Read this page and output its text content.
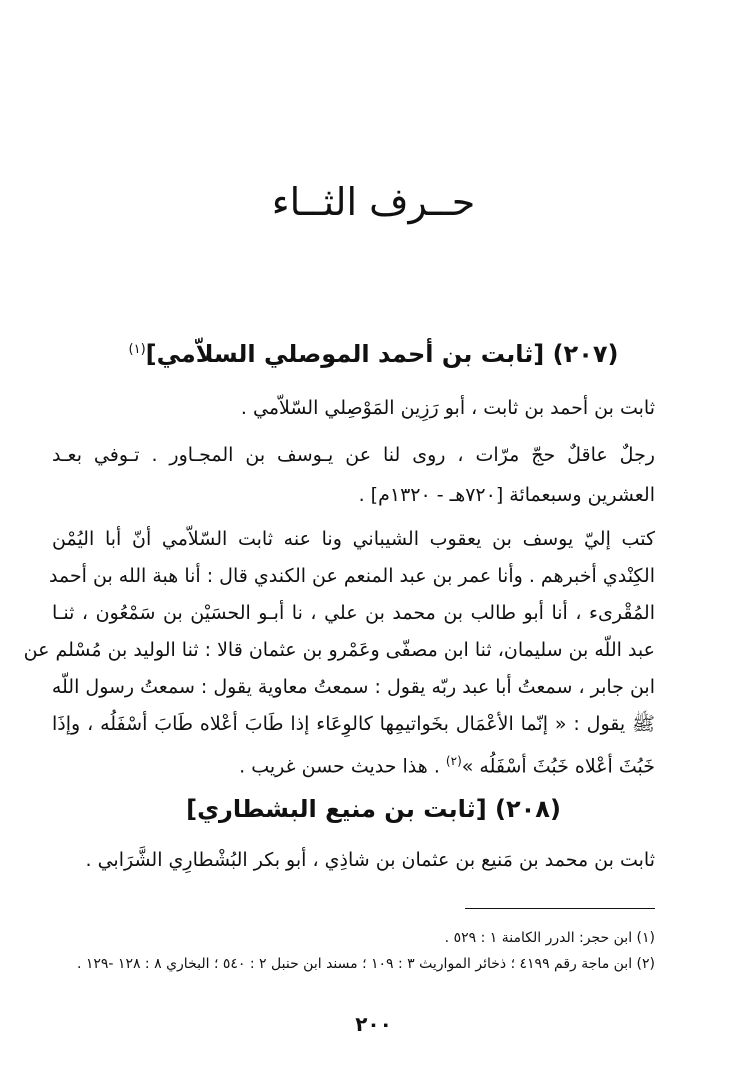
حــرف الثــاء
(٢٠٧) [ثابت بن أحمد الموصلي السلاّمي]$^{(١)}$
ثابت بن أحمد بن ثابت ، أبو رَزِين المَوْصِلي السّلاّمي .
رجلٌ عاقلٌ حجّ مرّات ، روى لنا عن يـوسف بن المجـاور . تـوفي بعـد
العشرين وسبعمائة [٧٢٠هـ - ١٣٢٠م] .
كتب إليّ يوسف بن يعقوب الشيباني ونا عنه ثابت السّلاّمي أنّ أبا اليُمْن
الكِنْدي أخبرهم . وأنا عمر بن عبد المنعم عن الكندي قال : أنا هبة الله بن أحمد
المُقْرىء ، أنا أبو طالب بن محمد بن علي ، نا أبـو الحسَيْن بن سَمْعُون ، ثنـا
عبد اللّه بن سليمان، ثنا ابن مصفّى وعَمْرو بن عثمان قالا : ثنا الوليد بن مُسْلم عن
ابن جابر ، سمعتُ أبا عبد ربّه يقول : سمعتُ معاوية يقول : سمعتُ رسول اللّه
ﷺ يقول : « إنّما الأعْمَال بخَواتيمِها كالوِعَاء إذا طَابَ أعْلاه طَابَ أسْفَلُه ، وإذَا
خَبُثَ أعْلاه خَبُثَ أسْفَلُه »$^{(٢)}$ . هذا حديث حسن غريب .
(٢٠٨) [ثابت بن منيع البشطاري]
ثابت بن محمد بن مَنيع بن عثمان بن شاذِي ، أبو بكر البُشْطارِي الشَّرَابي .
(١) ابن حجر: الدرر الكامنة ١ : ٥٢٩ .
(٢) ابن ماجة رقم ٤١٩٩ ؛ ذخائر المواريث ٣ : ١٠٩ ؛ مسند ابن حنبل ٢ : ٥٤٠ ؛ البخاري ٨ : ١٢٨ -١٢٩ .
٢٠٠
